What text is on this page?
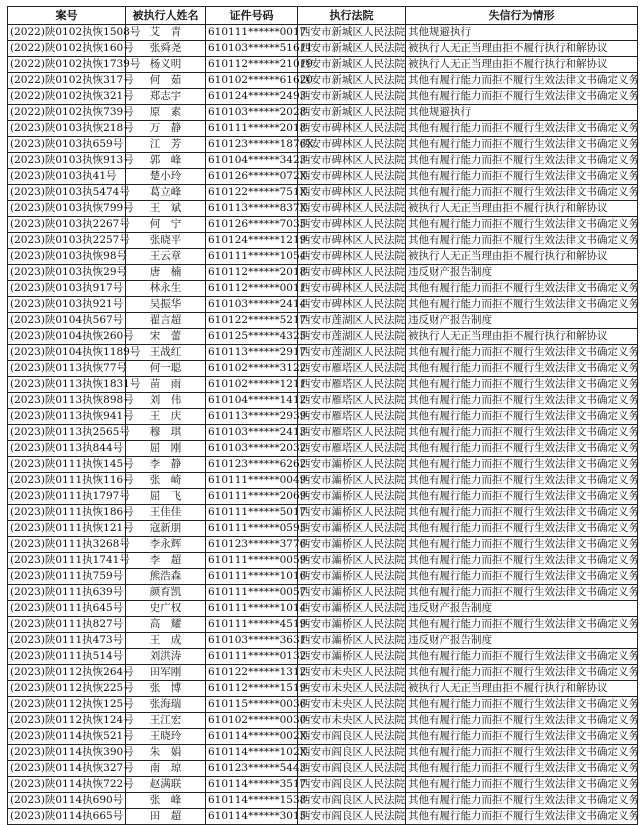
案号	被执行人姓名	证件号码	执行法院	失信行为情形
(2022)陕0102执恢1508号	艾　青	610111******0017	西安市新城区人民法院	其他规避执行
(2022)陕0102执恢160号	张舜尧	610103******51611	西安市新城区人民法院	被执行人无正当理由拒不履行执行和解协议
(2022)陕0102执恢1739号	杨义明	610112******21019	西安市新城区人民法院	被执行人无正当理由拒不履行执行和解协议
(2022)陕0102执恢317号	何　茹	610102******61620	西安市新城区人民法院	其他有履行能力而拒不履行生效法律文书确定义务
(2022)陕0102执恢321号	郑志宇	610124******2493	西安市新城区人民法院	其他有履行能力而拒不履行生效法律文书确定义务
(2022)陕0102执恢739号	原　素	610103******2028	西安市新城区人民法院	其他规避执行
(2023)陕0103执恢218号	万　静	610111******2018	西安市碑林区人民法院	其他有履行能力而拒不履行生效法律文书确定义务
(2023)陕0103执659号	江　芳	610123******1876X	西安市碑林区人民法院	其他有履行能力而拒不履行生效法律文书确定义务
(2023)陕0103执恢913号	郭　峰	610104******3423	西安市碑林区人民法院	其他有履行能力而拒不履行生效法律文书确定义务
(2023)陕0103执41号	楚小玲	610126******072X	西安市碑林区人民法院	其他有履行能力而拒不履行生效法律文书确定义务
(2023)陕0103执5474号	葛立峰	610122******751X	西安市碑林区人民法院	其他有履行能力而拒不履行生效法律文书确定义务
(2023)陕0103执恢799号	王　斌	610113******837X	西安市碑林区人民法院	被执行人无正当理由拒不履行执行和解协议
(2023)陕0103执2267号	何　宁	610126******7035	西安市碑林区人民法院	其他有履行能力而拒不履行生效法律文书确定义务
(2023)陕0103执2257号	张晓平	610124******1219	西安市碑林区人民法院	其他有履行能力而拒不履行生效法律文书确定义务
(2023)陕0103执恢98号	王云章	610111******1054	西安市碑林区人民法院	被执行人无正当理由拒不履行执行和解协议
(2023)陕0103执恢29号	唐　楠	610112******2018	西安市碑林区人民法院	违反财产报告制度
(2023)陕0103执917号	林永生	610112******0011	西安市碑林区人民法院	其他有履行能力而拒不履行生效法律文书确定义务
(2023)陕0103执921号	吴振华	610103******2414	西安市碑林区人民法院	其他有履行能力而拒不履行生效法律文书确定义务
(2023)陕0104执567号	翟言超	610122******5217	西安市莲湖区人民法院	违反财产报告制度
(2023)陕0104执恢260号	宋　蕾	610125******4325	西安市莲湖区人民法院	被执行人无正当理由拒不履行执行和解协议
(2023)陕0104执恢1189号	王战红	610113******2917	西安市莲湖区人民法院	其他有履行能力而拒不履行生效法律文书确定义务
(2023)陕0113执恢77号	何一聪	610102******3122	西安市雁塔区人民法院	其他有履行能力而拒不履行生效法律文书确定义务
(2023)陕0113执恢1831号	苗　雨	610102******1211	西安市雁塔区人民法院	其他有履行能力而拒不履行生效法律文书确定义务
(2023)陕0113执恢898号	刘　伟	610104******1412	西安市雁塔区人民法院	其他有履行能力而拒不履行生效法律文书确定义务
(2023)陕0113执恢941号	王　庆	610113******2939	西安市雁塔区人民法院	其他有履行能力而拒不履行生效法律文书确定义务
(2023)陕0113执2565号	穆　琪	610103******2413	西安市雁塔区人民法院	其他有履行能力而拒不履行生效法律文书确定义务
(2023)陕0113执844号	屈　刚	610103******2032	西安市雁塔区人民法院	其他有履行能力而拒不履行生效法律文书确定义务
(2023)陕0111执恢145号	李　静	610123******6262	西安市灞桥区人民法院	其他有履行能力而拒不履行生效法律文书确定义务
(2023)陕0111执恢116号	张　崎	610111******0049	西安市灞桥区人民法院	其他有履行能力而拒不履行生效法律文书确定义务
(2023)陕0111执1797号	屈　飞	610111******2069	西安市灞桥区人民法院	其他有履行能力而拒不履行生效法律文书确定义务
(2023)陕0111执恢186号	王佳佳	610111******5017	西安市灞桥区人民法院	其他有履行能力而拒不履行生效法律文书确定义务
(2023)陕0111执恢121号	寇新朋	610111******0595	西安市灞桥区人民法院	其他有履行能力而拒不履行生效法律文书确定义务
(2023)陕0111执3268号	李永辉	610123******3776	西安市灞桥区人民法院	其他有履行能力而拒不履行生效法律文书确定义务
(2023)陕0111执1741号	李　超	610111******0059	西安市灞桥区人民法院	其他有履行能力而拒不履行生效法律文书确定义务
(2023)陕0111执759号	熊浩森	610111******1016	西安市灞桥区人民法院	其他有履行能力而拒不履行生效法律文书确定义务
(2023)陕0111执639号	颜育凯	610111******0057	西安市灞桥区人民法院	其他有履行能力而拒不履行生效法律文书确定义务
(2023)陕0111执645号	史广权	610111******1014	西安市灞桥区人民法院	违反财产报告制度
(2023)陕0111执827号	高　耀	610111******4519	西安市灞桥区人民法院	其他有履行能力而拒不履行生效法律文书确定义务
(2023)陕0111执473号	王　成	610103******3631	西安市灞桥区人民法院	违反财产报告制度
(2023)陕0111执514号	刘洪涛	610111******0132	西安市灞桥区人民法院	其他有履行能力而拒不履行生效法律文书确定义务
(2023)陕0112执恢264号	田军刚	610122******1312	西安市未央区人民法院	其他有履行能力而拒不履行生效法律文书确定义务
(2023)陕0112执恢225号	张　博	610112******1519	西安市未央区人民法院	被执行人无正当理由拒不履行执行和解协议
(2023)陕0112执恢125号	张海瑞	610115******0036	西安市未央区人民法院	其他有履行能力而拒不履行生效法律文书确定义务
(2023)陕0112执恢124号	王江宏	610102******0030	西安市未央区人民法院	其他有履行能力而拒不履行生效法律文书确定义务
(2023)陕0114执恢521号	王晓玲	610114******002X	西安市阎良区人民法院	其他有履行能力而拒不履行生效法律文书确定义务
(2023)陕0114执恢390号	朱　娟	610114******102X	西安市阎良区人民法院	其他有履行能力而拒不履行生效法律文书确定义务
(2023)陕0114执恢327号	南　琼	610123******5443	西安市阎良区人民法院	其他有履行能力而拒不履行生效法律文书确定义务
(2023)陕0114执恢722号	赵满联	610114******3517	西安市阎良区人民法院	其他有履行能力而拒不履行生效法律文书确定义务
(2023)陕0114执690号	张　峰	610114******1538	西安市阎良区人民法院	其他有履行能力而拒不履行生效法律文书确定义务
(2023)陕0114执665号	田　超	610114******3015	西安市阎良区人民法院	其他有履行能力而拒不履行生效法律文书确定义务
